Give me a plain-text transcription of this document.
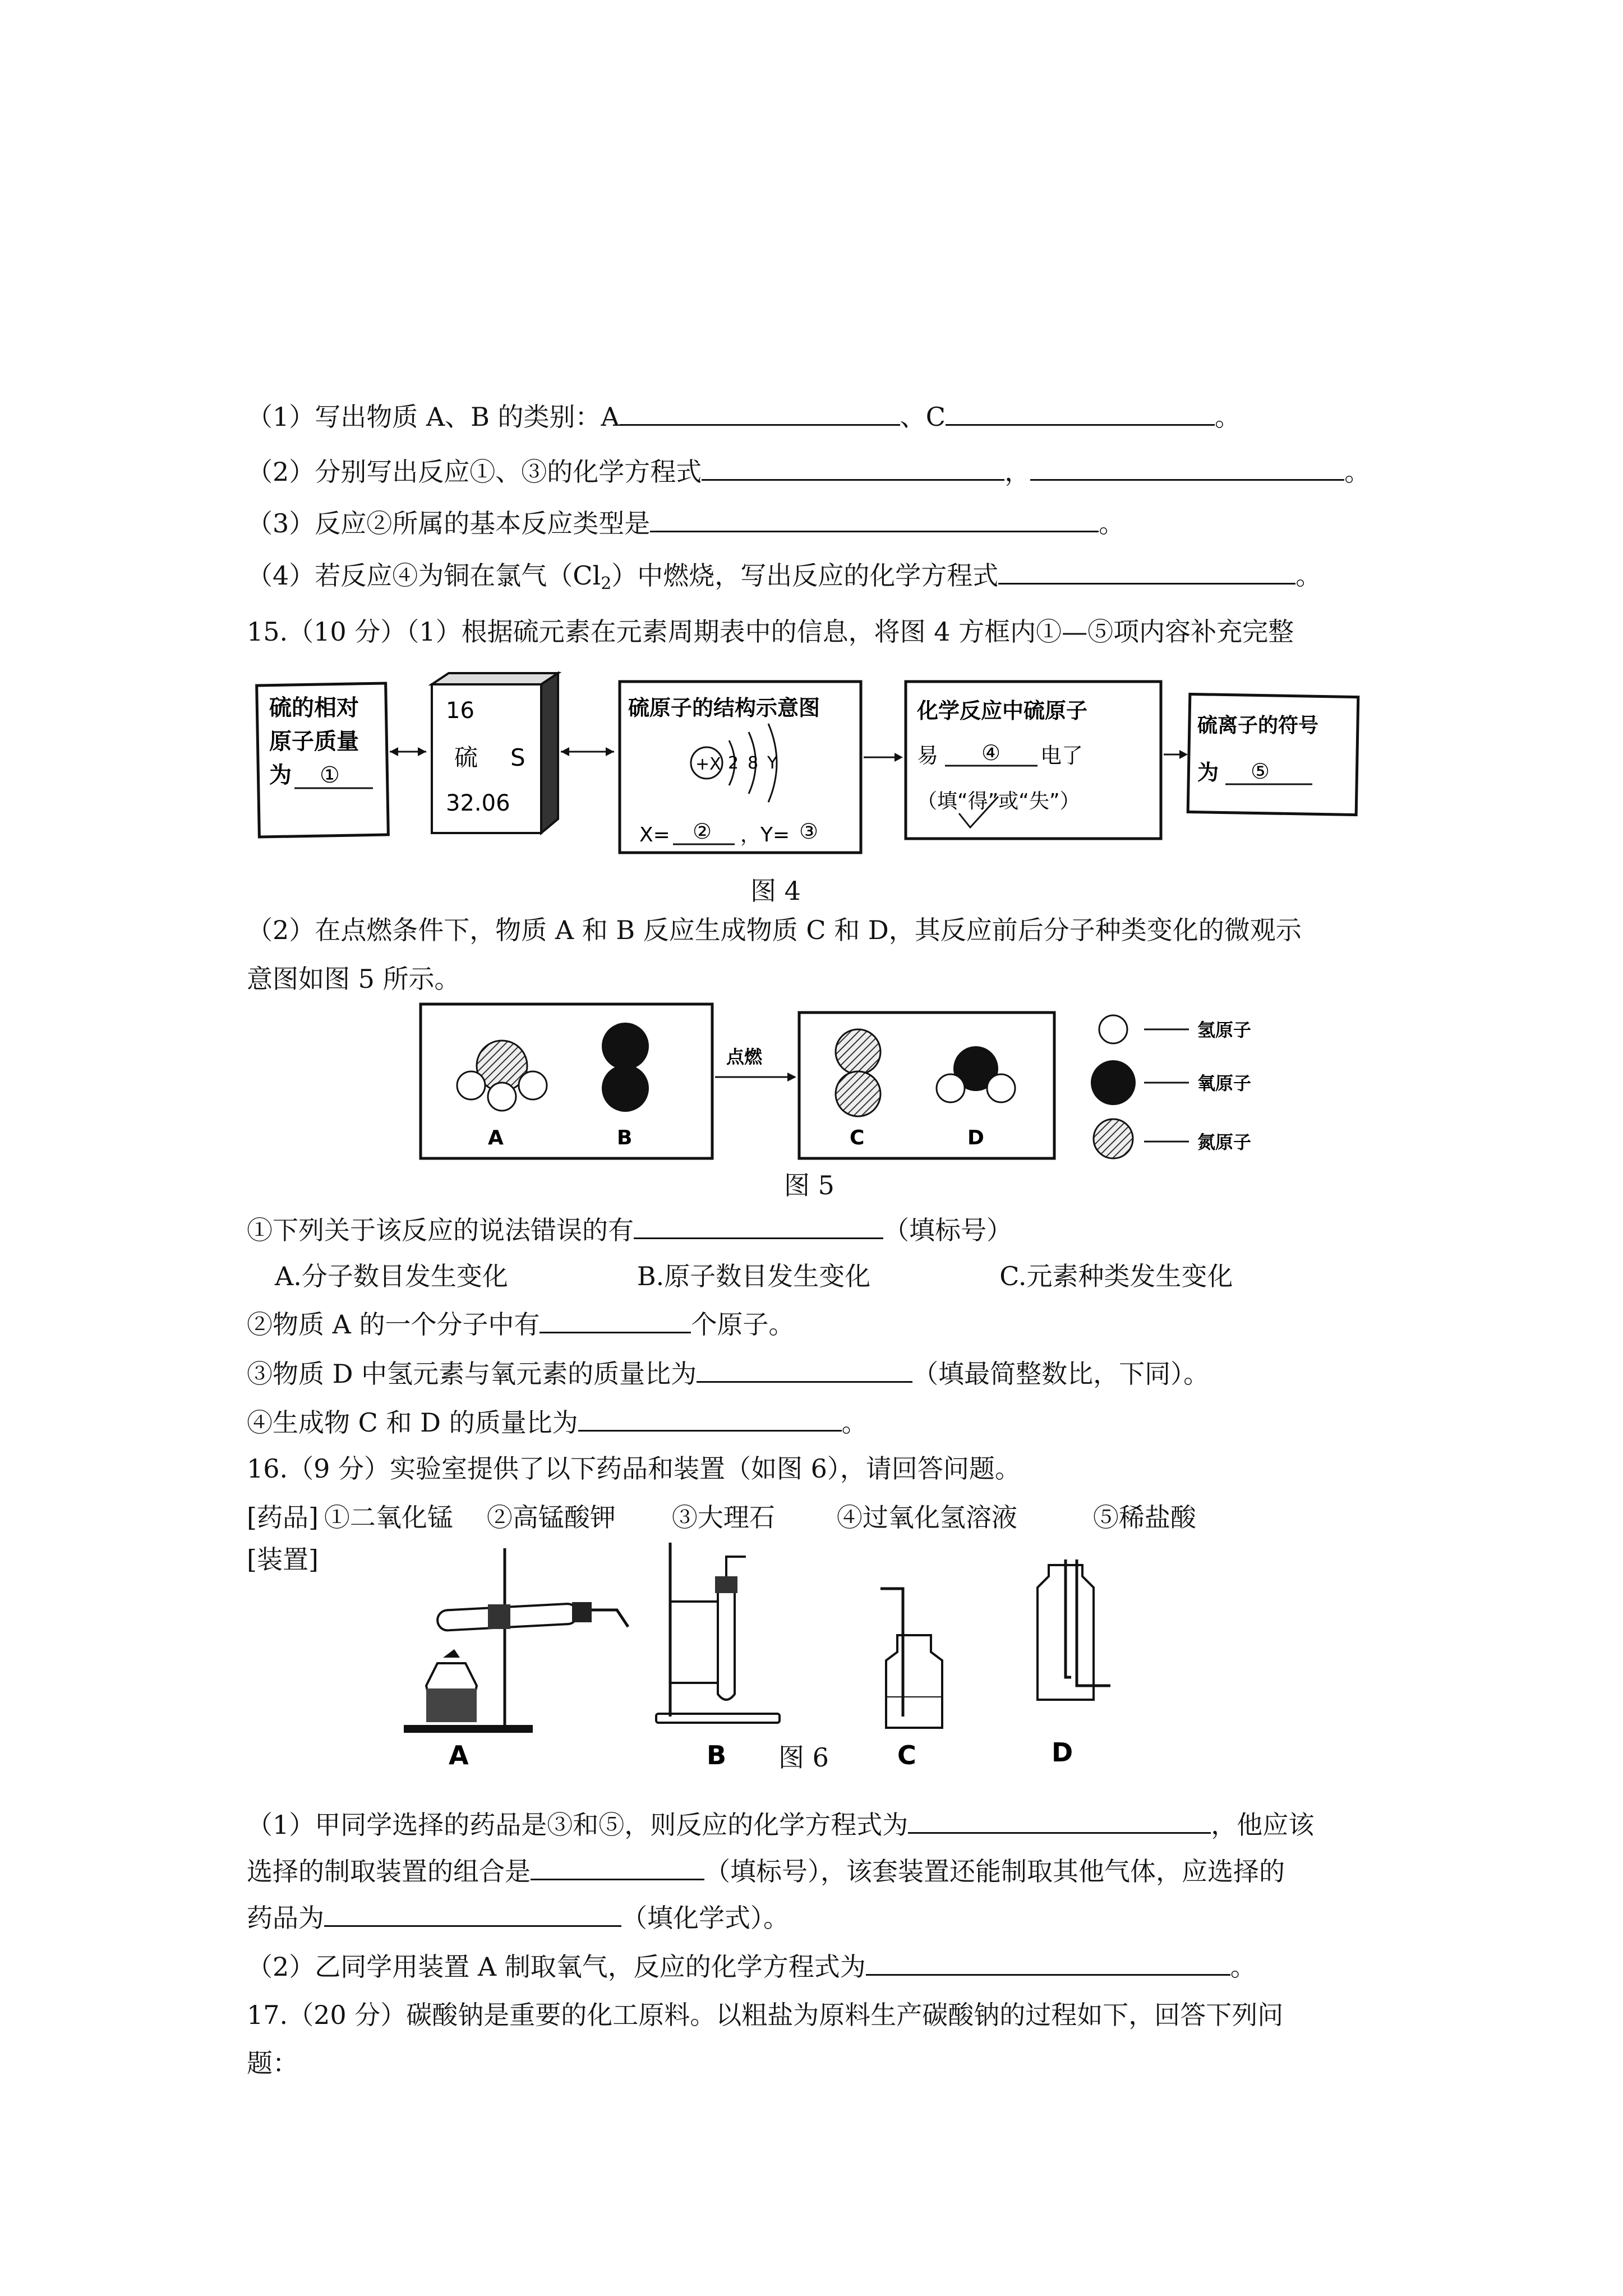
（1）写出物质 A、B 的类别：A	、C	。
（2）分别写出反应①、③的化学方程式	，	。
（3）反应②所属的基本反应类型是	。
（4）若反应④为铜在氯气（Cl2）中燃烧，写出反应的化学方程式	。
15.（10 分）（1）根据硫元素在元素周期表中的信息，将图 4 方框内①—⑤项内容补充完整
硫的相对
原子质量
为 ①
16
硫 S
32.06
硫原子的结构示意图
+X 2 8 Y
X= ② ，Y= ③
化学反应中硫原子
易 ④ 电了
（填“得”或“失”）
硫离子的符号
为 ⑤
图 4
（2）在点燃条件下，物质 A 和 B 反应生成物质 C 和 D，其反应前后分子种类变化的微观示
意图如图 5 所示。
A	B
点燃
C	D
氢原子
氧原子
氮原子
图 5
①下列关于该反应的说法错误的有	（填标号）
A.分子数目发生变化	B.原子数目发生变化	C.元素种类发生变化
②物质 A 的一个分子中有	个原子。
③物质 D 中氢元素与氧元素的质量比为	（填最简整数比，下同）。
④生成物 C 和 D 的质量比为	。
16.（9 分）实验室提供了以下药品和装置（如图 6），请回答问题。
[药品] ①二氧化锰 ②高锰酸钾 ③大理石 ④过氧化氢溶液	⑤稀盐酸
[装置]
A	B	C	D
图 6
（1）甲同学选择的药品是③和⑤，则反应的化学方程式为	，他应该
选择的制取装置的组合是	（填标号），该套装置还能制取其他气体，应选择的
药品为	（填化学式）。
（2）乙同学用装置 A 制取氧气，反应的化学方程式为	。
17.（20 分）碳酸钠是重要的化工原料。以粗盐为原料生产碳酸钠的过程如下，回答下列问
题：
